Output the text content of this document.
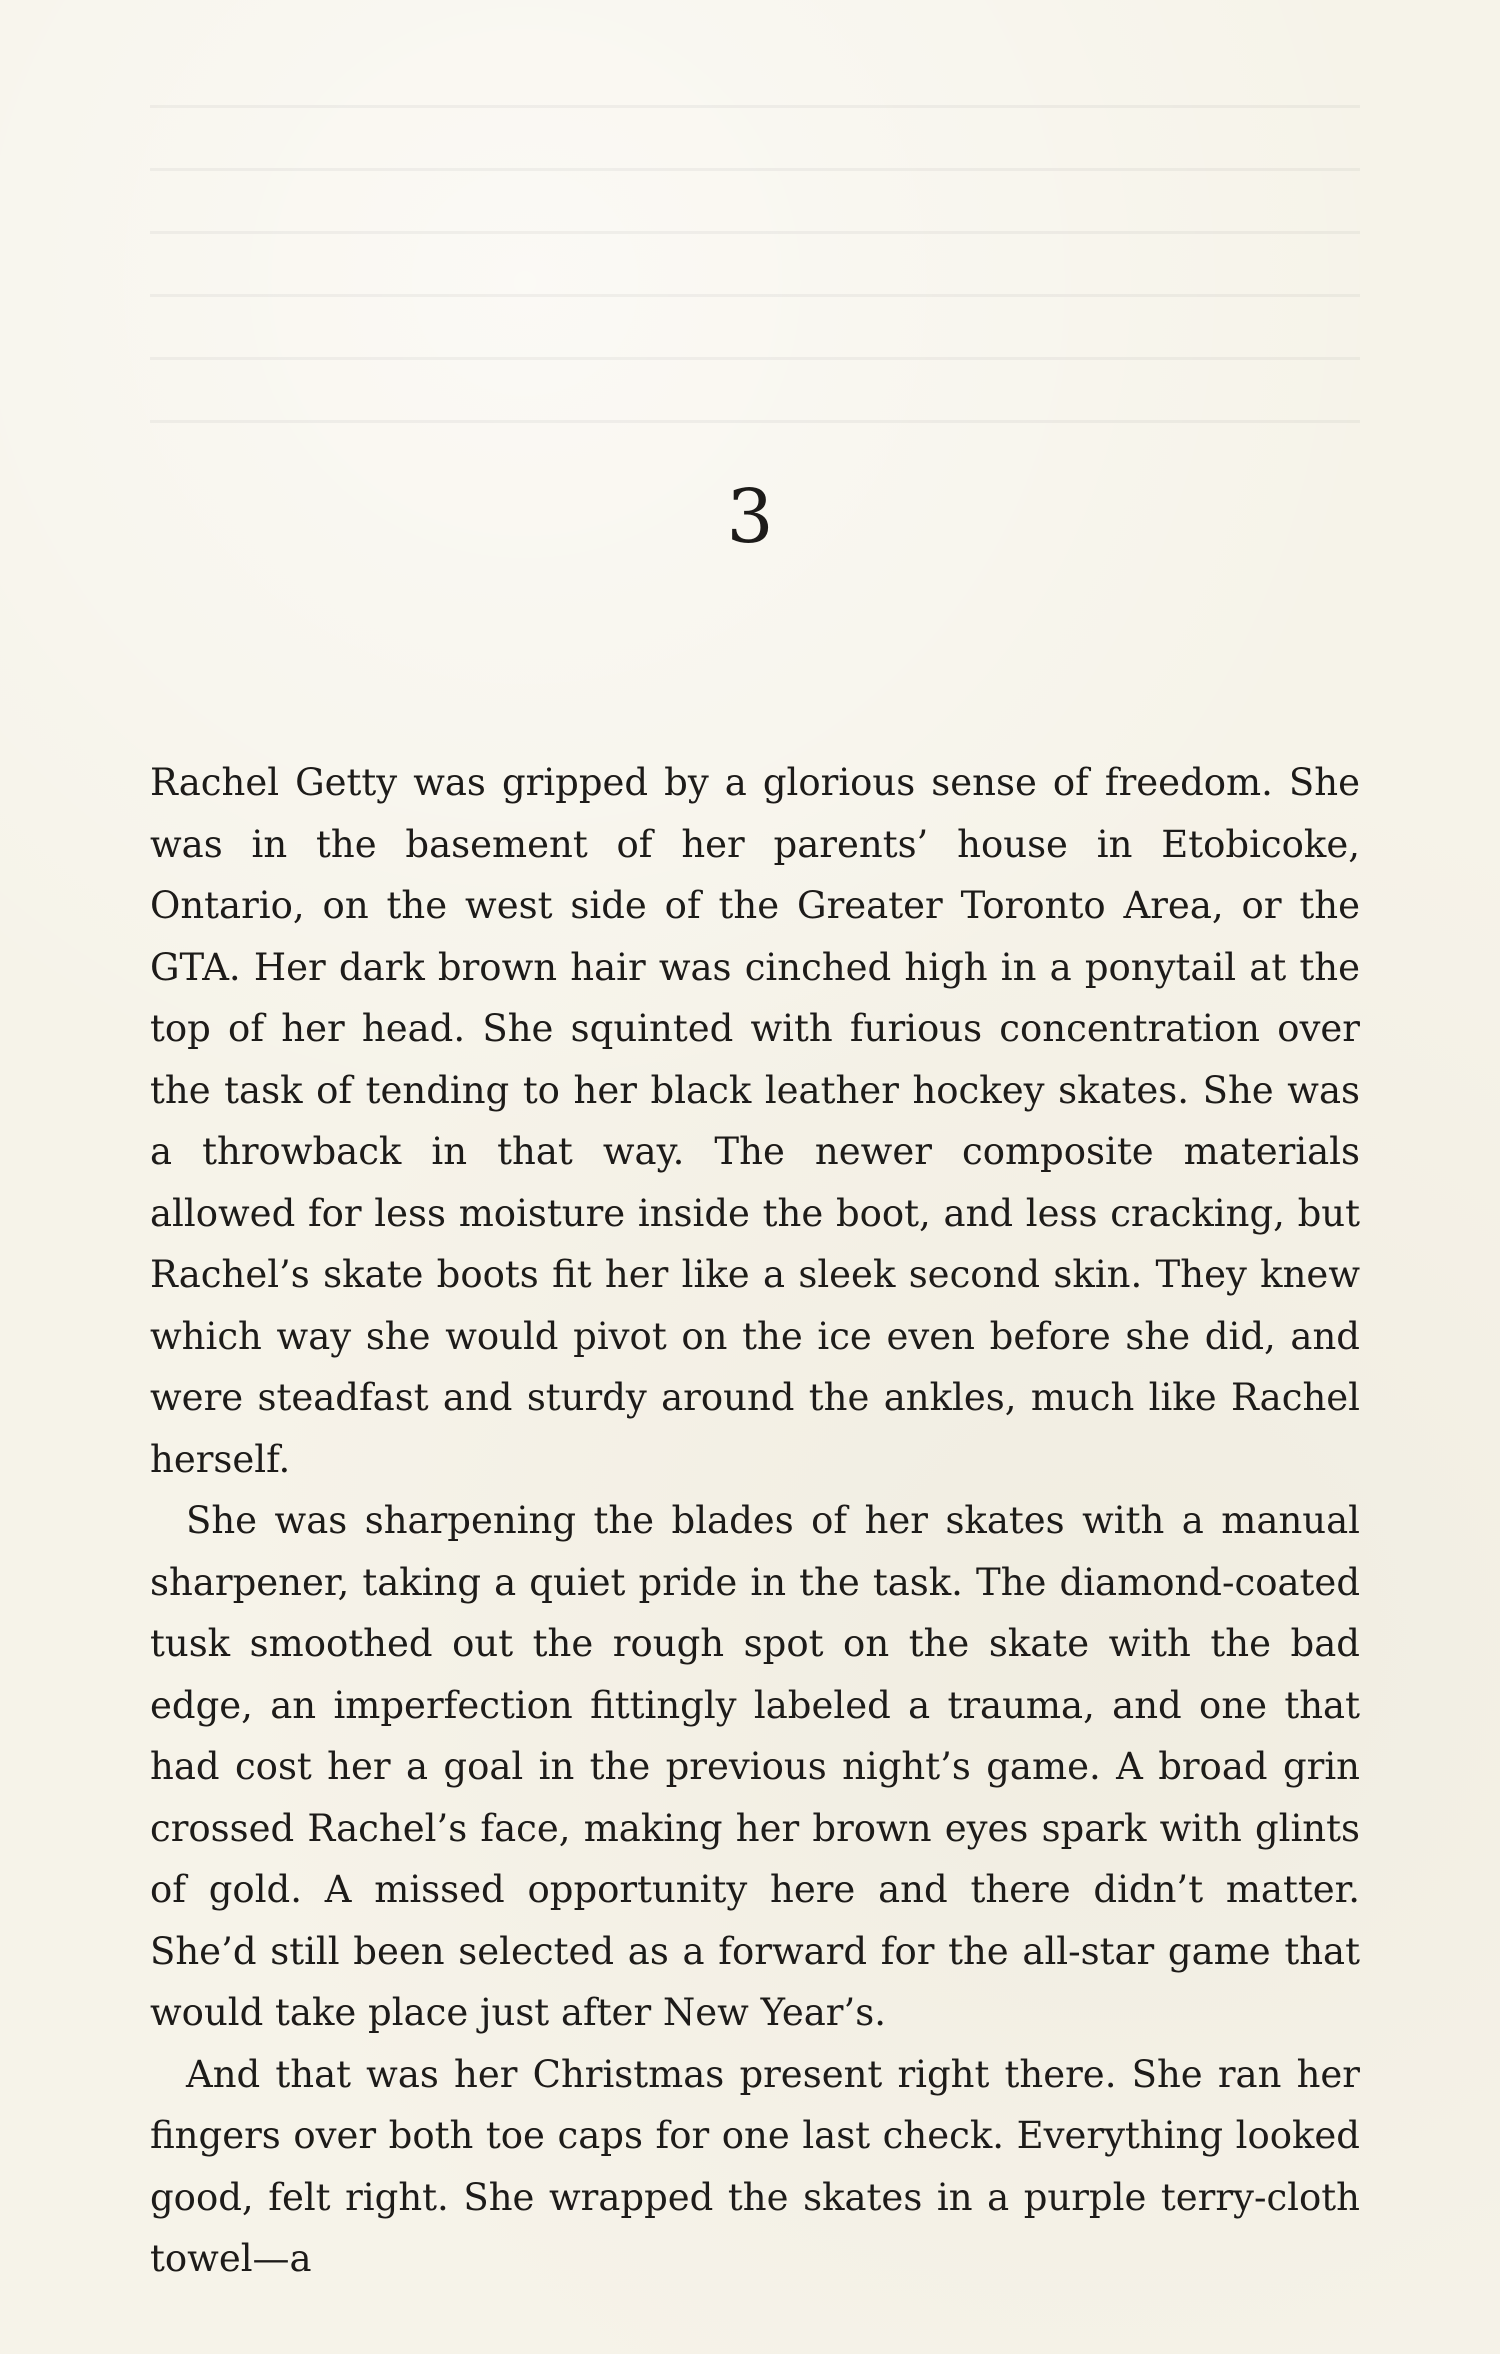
3

Rachel Getty was gripped by a glorious sense of freedom. She was in the basement of her parents’ house in Etobicoke, Ontario, on the west side of the Greater Toronto Area, or the GTA. Her dark brown hair was cinched high in a ponytail at the top of her head. She squinted with furious concentration over the task of tending to her black leather hockey skates. She was a throwback in that way. The newer composite materials allowed for less moisture inside the boot, and less cracking, but Rachel’s skate boots fit her like a sleek second skin. They knew which way she would pivot on the ice even before she did, and were steadfast and sturdy around the ankles, much like Rachel herself.

She was sharpening the blades of her skates with a manual sharpener, taking a quiet pride in the task. The diamond-coated tusk smoothed out the rough spot on the skate with the bad edge, an imperfection fittingly labeled a trauma, and one that had cost her a goal in the previous night’s game. A broad grin crossed Rachel’s face, making her brown eyes spark with glints of gold. A missed opportunity here and there didn’t matter. She’d still been selected as a forward for the all-star game that would take place just after New Year’s.

And that was her Christmas present right there. She ran her fingers over both toe caps for one last check. Everything looked good, felt right. She wrapped the skates in a purple terry-cloth towel—a
